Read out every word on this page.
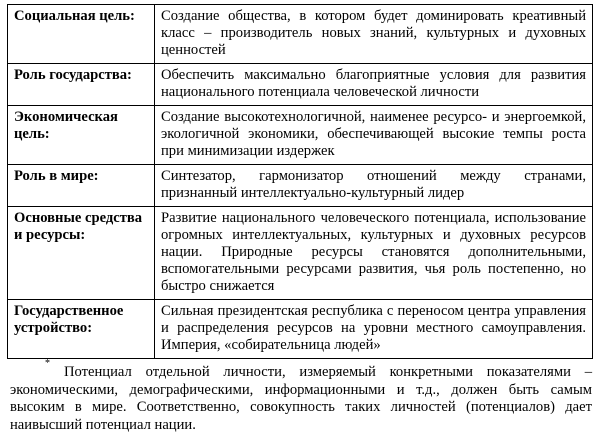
Социальная цель:	Создание общества, в котором будет доминировать креативный класс – производитель новых знаний, культурных и духовных ценностей
Роль государства:	Обеспечить максимально благоприятные условия для развития национального потенциала человеческой личности
Экономическая цель:	Создание высокотехнологичной, наименее ресурсо- и энергоемкой, экологичной экономики, обеспечивающей высокие темпы роста при минимизации издержек
Роль в мире:	Синтезатор, гармонизатор отношений между странами, признанный интеллектуально-культурный лидер
Основные средства и ресурсы:	Развитие национального человеческого потенциала, использование огромных интеллектуальных, культурных и духовных ресурсов нации. Природные ресурсы становятся дополнительными, вспомогательными ресурсами развития, чья роль постепенно, но быстро снижается
Государственное устройство:	Сильная президентская республика с переносом центра управления и распределения ресурсов на уровни местного самоуправления. Империя, «собирательница людей»
*Потенциал отдельной личности, измеряемый конкретными показателями – экономическими, демографическими, информационными и т.д., должен быть самым высоким в мире. Соответственно, совокупность таких личностей (потенциалов) дает наивысший потенциал нации.
